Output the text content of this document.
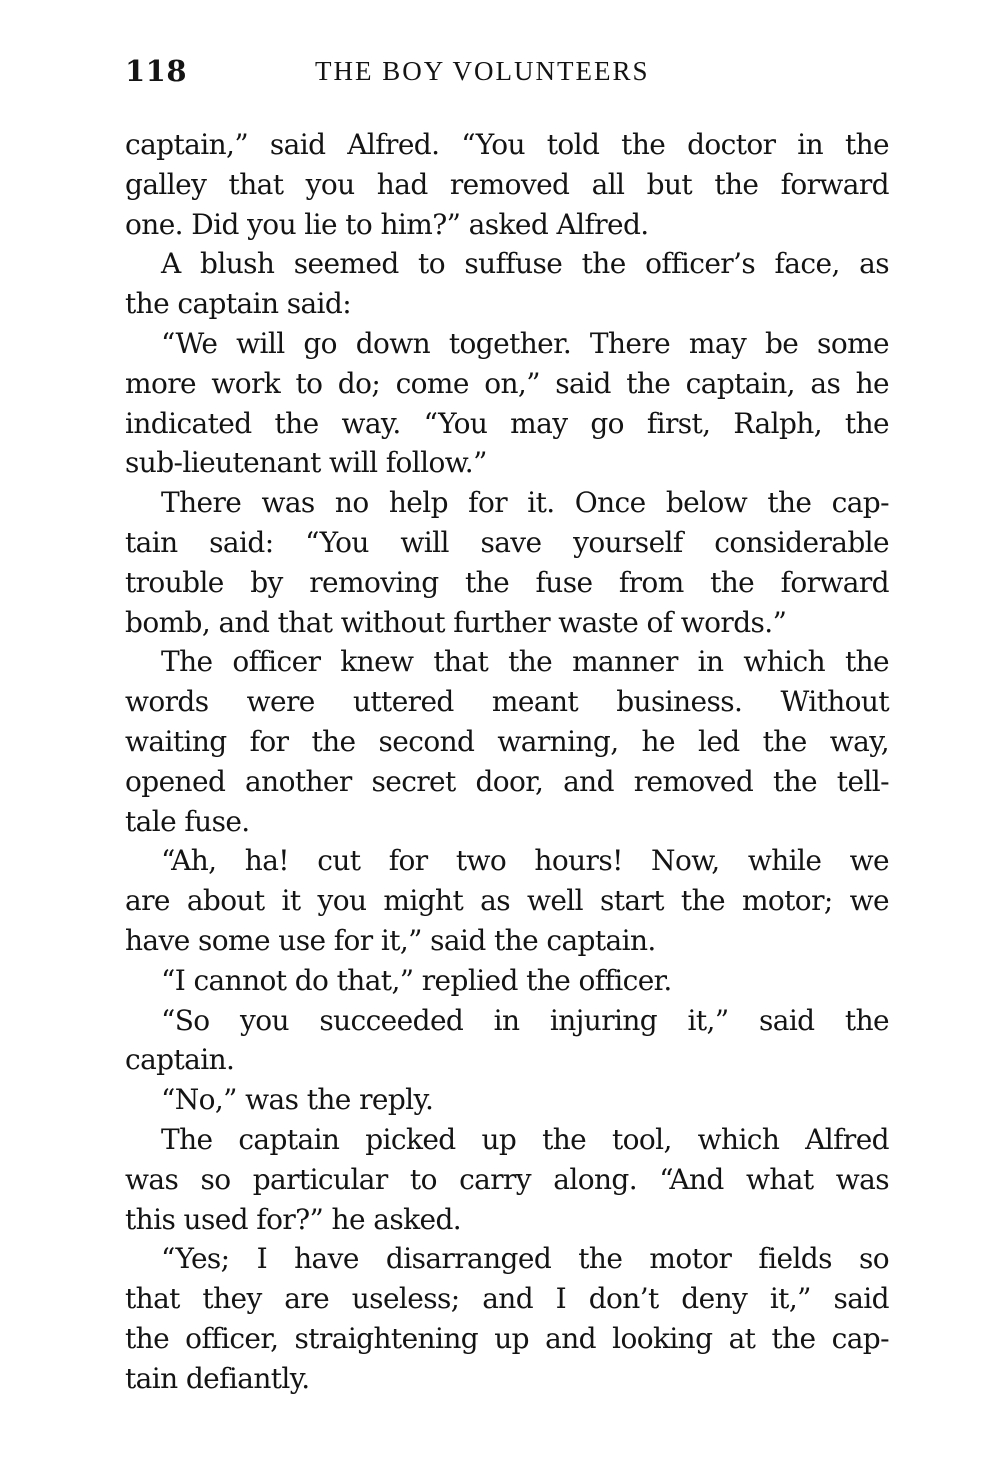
118	THE BOY VOLUNTEERS
captain,” said Alfred. “You told the doctor in the
galley that you had removed all but the forward
one. Did you lie to him?” asked Alfred.
A blush seemed to suffuse the officer’s face, as
the captain said:
“We will go down together. There may be some
more work to do; come on,” said the captain, as he
indicated the way. “You may go first, Ralph, the
sub-lieutenant will follow.”
There was no help for it. Once below the cap-
tain said: “You will save yourself considerable
trouble by removing the fuse from the forward
bomb, and that without further waste of words.”
The officer knew that the manner in which the
words were uttered meant business. Without
waiting for the second warning, he led the way,
opened another secret door, and removed the tell-
tale fuse.
“Ah, ha! cut for two hours! Now, while we
are about it you might as well start the motor; we
have some use for it,” said the captain.
“I cannot do that,” replied the officer.
“So you succeeded in injuring it,” said the
captain.
“No,” was the reply.
The captain picked up the tool, which Alfred
was so particular to carry along. “And what was
this used for?” he asked.
“Yes; I have disarranged the motor fields so
that they are useless; and I don’t deny it,” said
the officer, straightening up and looking at the cap-
tain defiantly.
